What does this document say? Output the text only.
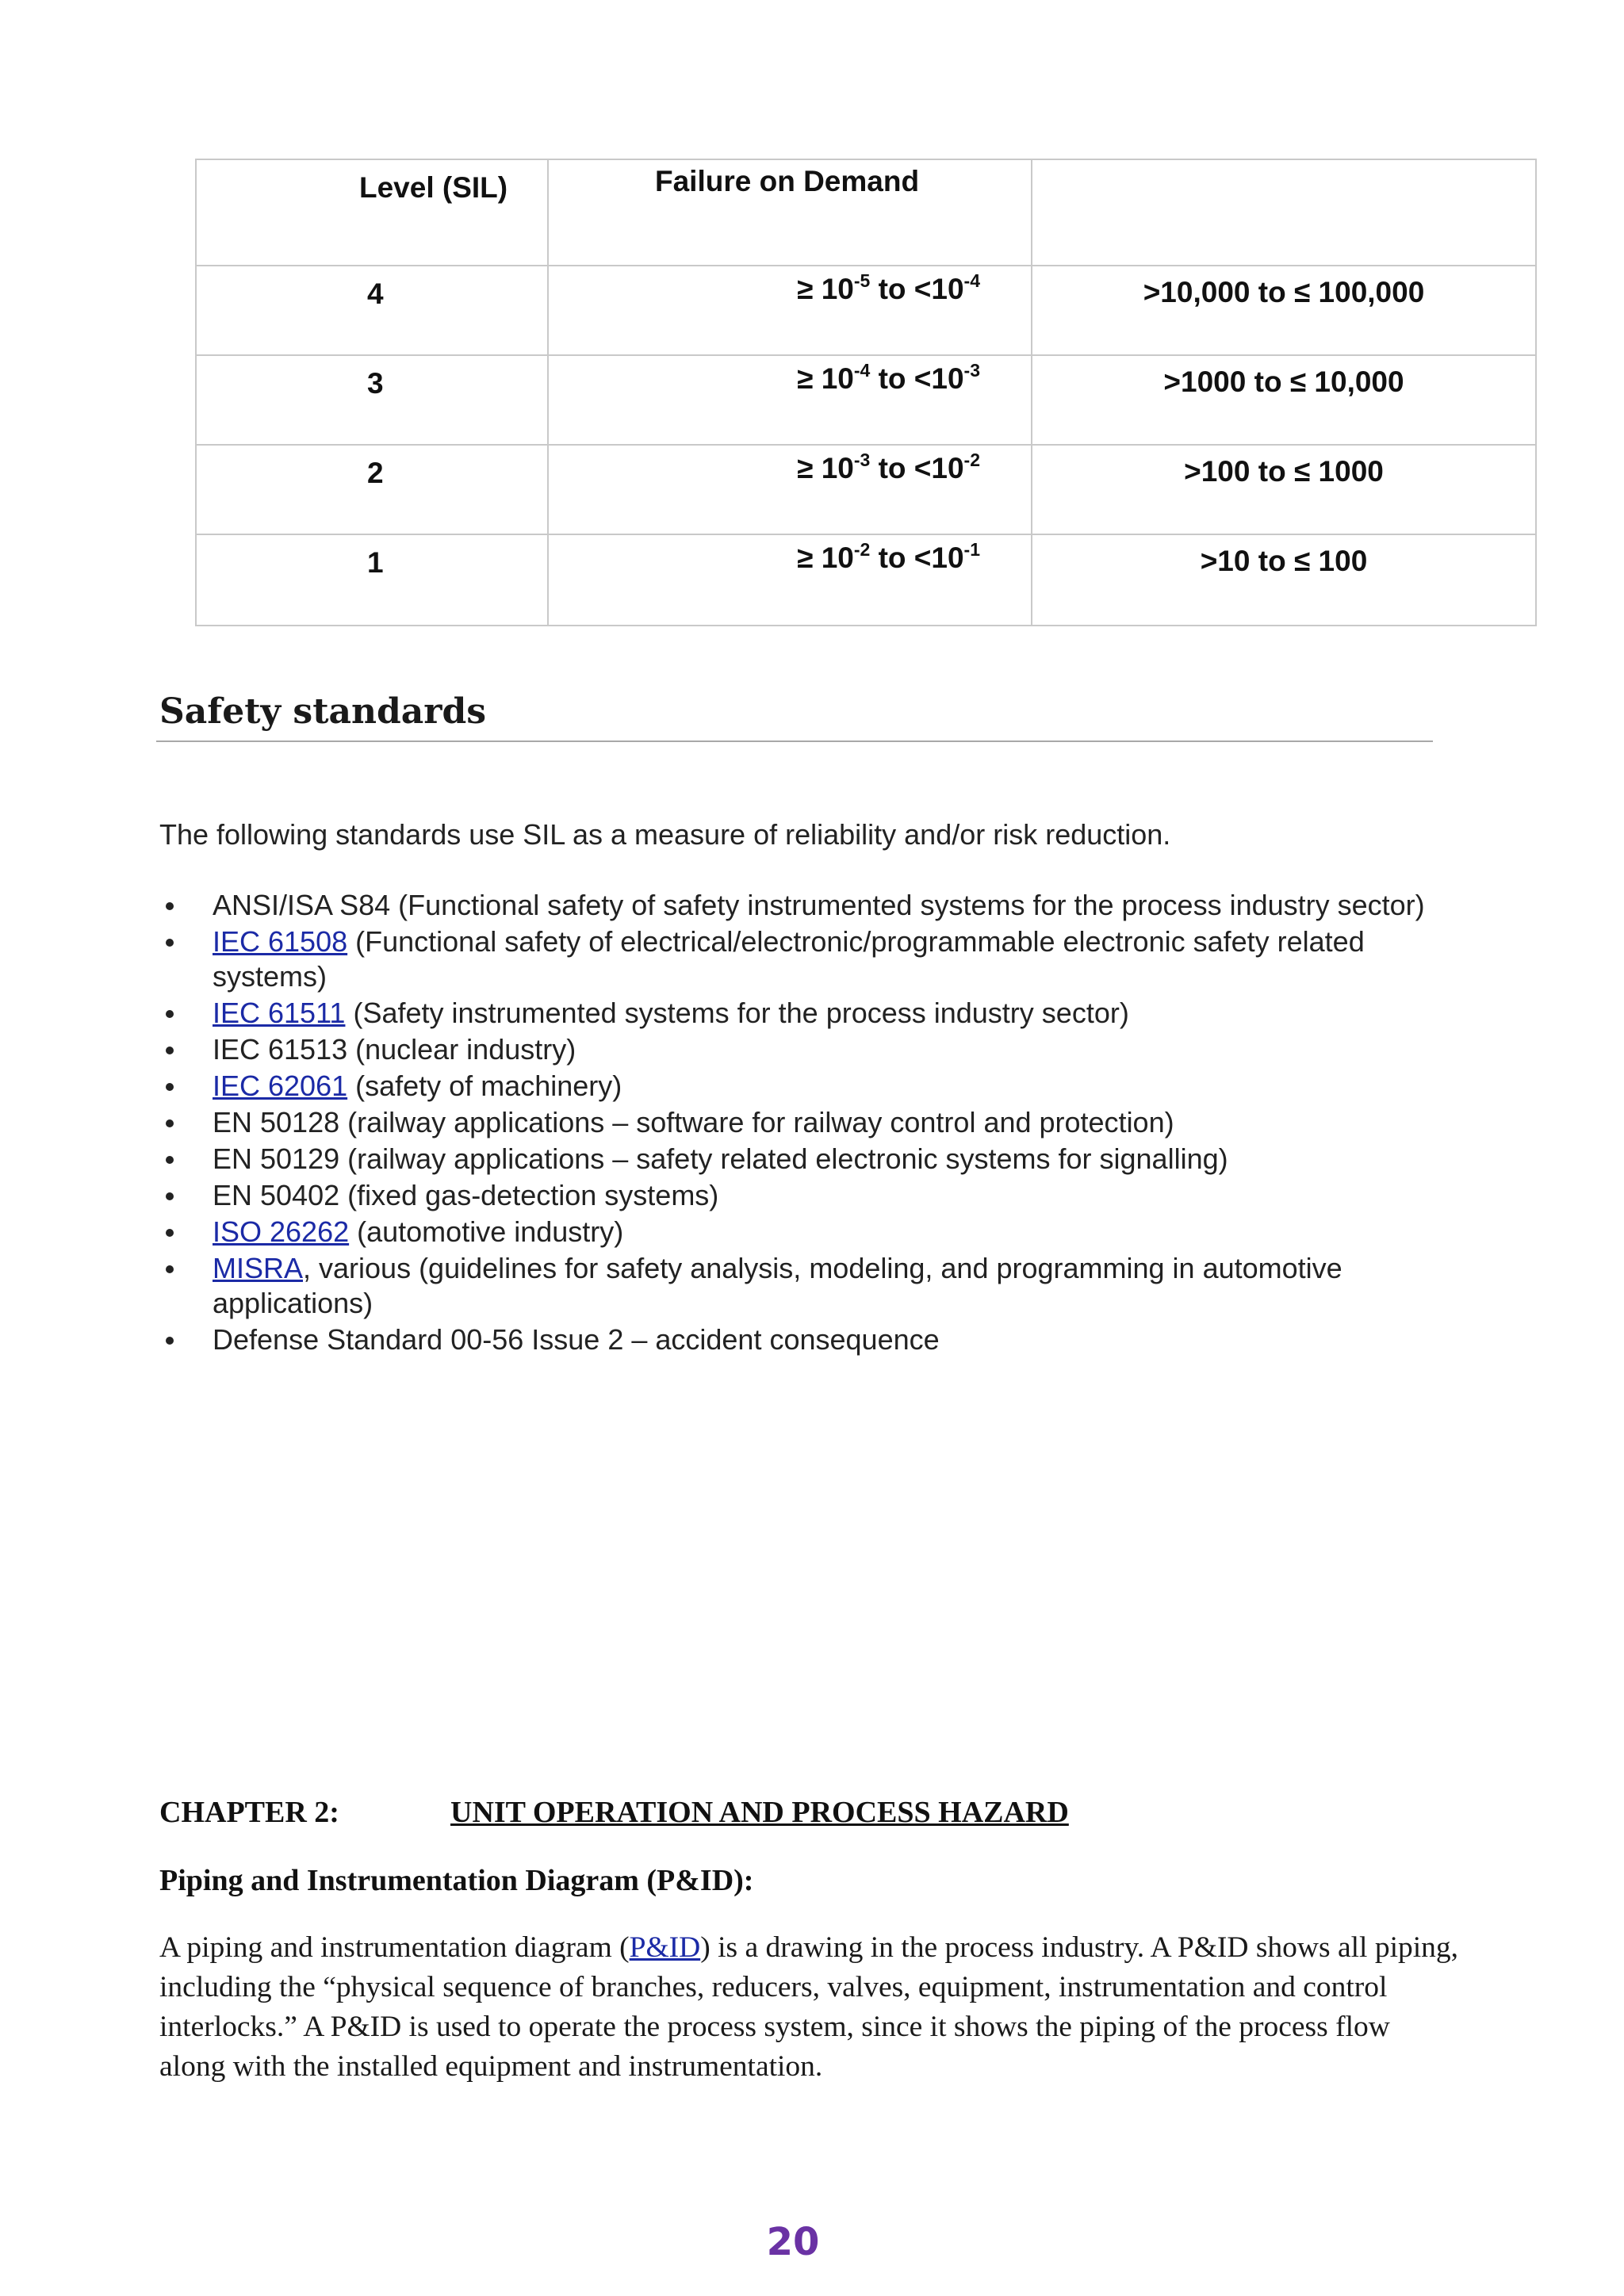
Level (SIL)	Failure on Demand	
4	≥ $10^{-5}$ to $<10^{-4}$	>10,000 to ≤ 100,000
3	≥ $10^{-4}$ to $<10^{-3}$	>1000 to ≤ 10,000
2	≥ $10^{-3}$ to $<10^{-2}$	>100 to ≤ 1000
1	≥ $10^{-2}$ to $<10^{-1}$	>10 to ≤ 100
Safety standards

The following standards use SIL as a measure of reliability and/or risk reduction.

ANSI/ISA S84 (Functional safety of safety instrumented systems for the process industry sector)
IEC 61508 (Functional safety of electrical/electronic/programmable electronic safety related systems)
IEC 61511 (Safety instrumented systems for the process industry sector)
IEC 61513 (nuclear industry)
IEC 62061 (safety of machinery)
EN 50128 (railway applications – software for railway control and protection)
EN 50129 (railway applications – safety related electronic systems for signalling)
EN 50402 (fixed gas-detection systems)
ISO 26262 (automotive industry)
MISRA, various (guidelines for safety analysis, modeling, and programming in automotive applications)
Defense Standard 00-56 Issue 2 – accident consequence

CHAPTER 2:	UNIT OPERATION AND PROCESS HAZARD

Piping and Instrumentation Diagram (P&ID):

A piping and instrumentation diagram (P&ID) is a drawing in the process industry. A P&ID shows all piping, including the “physical sequence of branches, reducers, valves, equipment, instrumentation and control interlocks.” A P&ID is used to operate the process system, since it shows the piping of the process flow along with the installed equipment and instrumentation.

20
